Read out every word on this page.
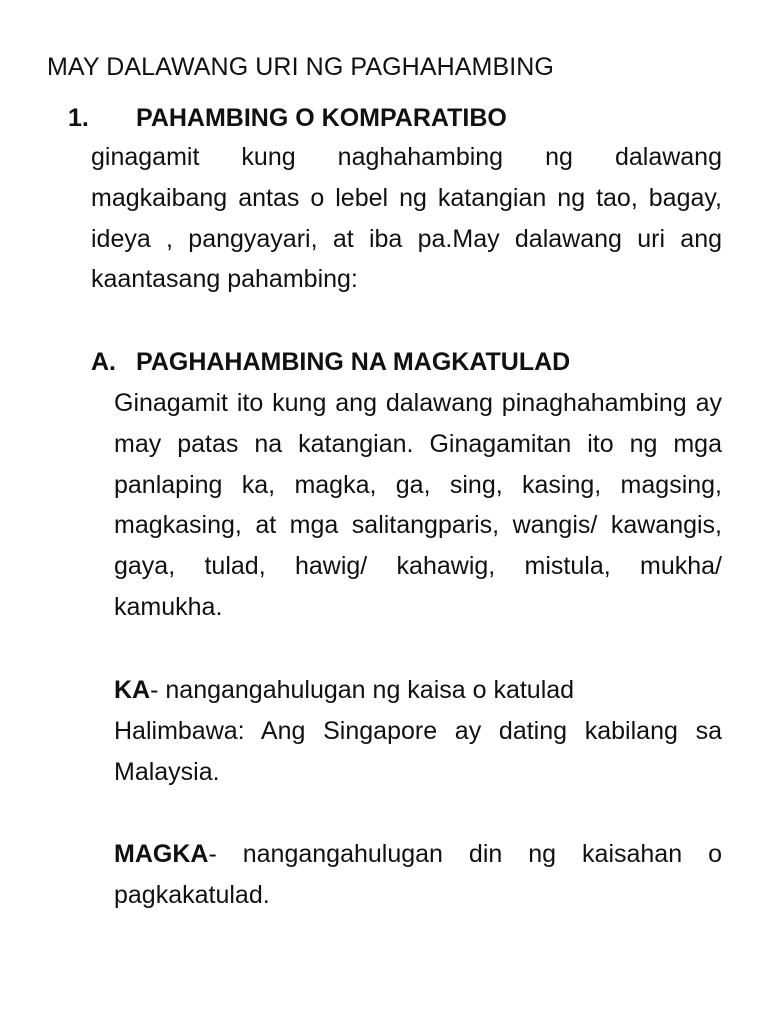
MAY DALAWANG URI NG PAGHAHAMBING
1. PAHAMBING O KOMPARATIBO
ginagamit kung naghahambing ng dalawang magkaibang antas o lebel ng katangian ng tao, bagay, ideya , pangyayari, at iba pa.May dalawang uri ang kaantasang pahambing:
A. PAGHAHAMBING NA MAGKATULAD
Ginagamit ito kung ang dalawang pinaghahambing ay may patas na katangian. Ginagamitan ito ng mga panlaping ka, magka, ga, sing, kasing, magsing, magkasing, at mga salitangparis, wangis/ kawangis, gaya, tulad, hawig/ kahawig, mistula, mukha/ kamukha.
KA- nangangahulugan ng kaisa o katulad
Halimbawa: Ang Singapore ay dating kabilang sa Malaysia.
MAGKA- nangangahulugan din ng kaisahan o pagkakatulad.
